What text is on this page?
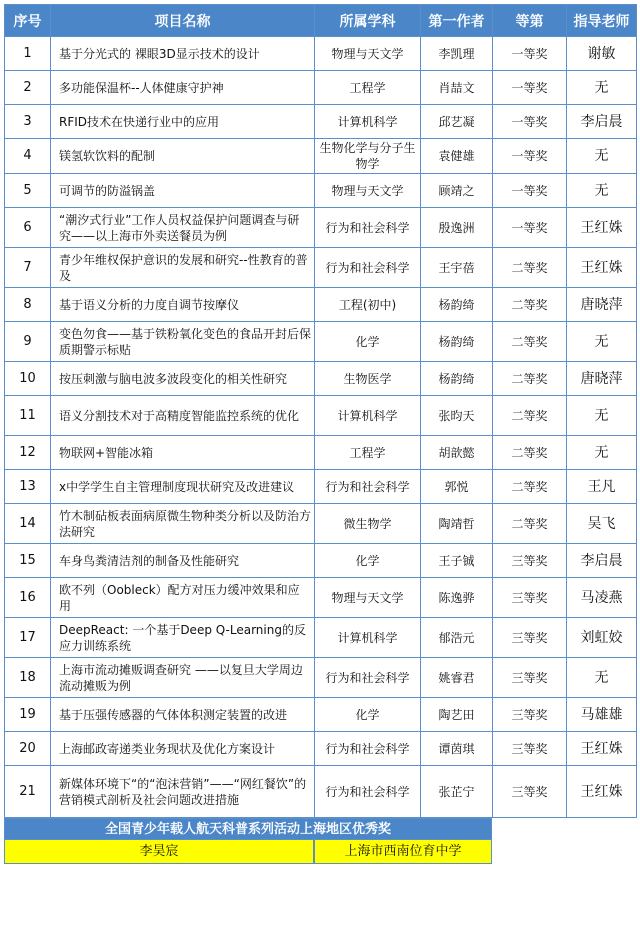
序号	项目名称	所属学科	第一作者	等第	指导老师
1	基于分光式的 裸眼3D显示技术的设计	物理与天文学	李凯理	一等奖	谢敏
2	多功能保温杯--人体健康守护神	工程学	肖喆文	一等奖	无
3	RFID技术在快递行业中的应用	计算机科学	邱艺凝	一等奖	李启晨
4	镁氢软饮料的配制	生物化学与分子生物学	袁健雄	一等奖	无
5	可调节的防溢锅盖	物理与天文学	顾靖之	一等奖	无
6	“潮汐式行业”工作人员权益保护问题调查与研究——以上海市外卖送餐员为例	行为和社会科学	殷逸洲	一等奖	王红姝
7	青少年维权保护意识的发展和研究--性教育的普及	行为和社会科学	王宇蓓	二等奖	王红姝
8	基于语义分析的力度自调节按摩仪	工程(初中)	杨韵绮	二等奖	唐晓萍
9	变色勿食——基于铁粉氧化变色的食品开封后保质期警示标贴	化学	杨韵绮	二等奖	无
10	按压刺激与脑电波多波段变化的相关性研究	生物医学	杨韵绮	二等奖	唐晓萍
11	语义分割技术对于高精度智能监控系统的优化	计算机科学	张昀天	二等奖	无
12	物联网+智能冰箱	工程学	胡歆懿	二等奖	无
13	x中学学生自主管理制度现状研究及改进建议	行为和社会科学	郭悦	二等奖	王凡
14	竹木制砧板表面病原微生物种类分析以及防治方法研究	微生物学	陶靖哲	二等奖	吴飞
15	车身鸟粪清洁剂的制备及性能研究	化学	王子铖	三等奖	李启晨
16	欧不列（Oobleck）配方对压力缓冲效果和应用	物理与天文学	陈逸骅	三等奖	马凌燕
17	DeepReact: 一个基于Deep Q-Learning的反应力训练系统	计算机科学	郁浩元	三等奖	刘虹姣
18	上海市流动摊贩调查研究 ——以复旦大学周边流动摊贩为例	行为和社会科学	姚睿君	三等奖	无
19	基于压强传感器的气体体积测定装置的改进	化学	陶艺田	三等奖	马雄雄
20	上海邮政寄递类业务现状及优化方案设计	行为和社会科学	谭茵琪	三等奖	王红姝
21	新媒体环境下“的“泡沫营销”——“网红餐饮”的营销模式剖析及社会问题改进措施	行为和社会科学	张芷宁	三等奖	王红姝
全国青少年载人航天科普系列活动上海地区优秀奖
李昊宸	上海市西南位育中学
